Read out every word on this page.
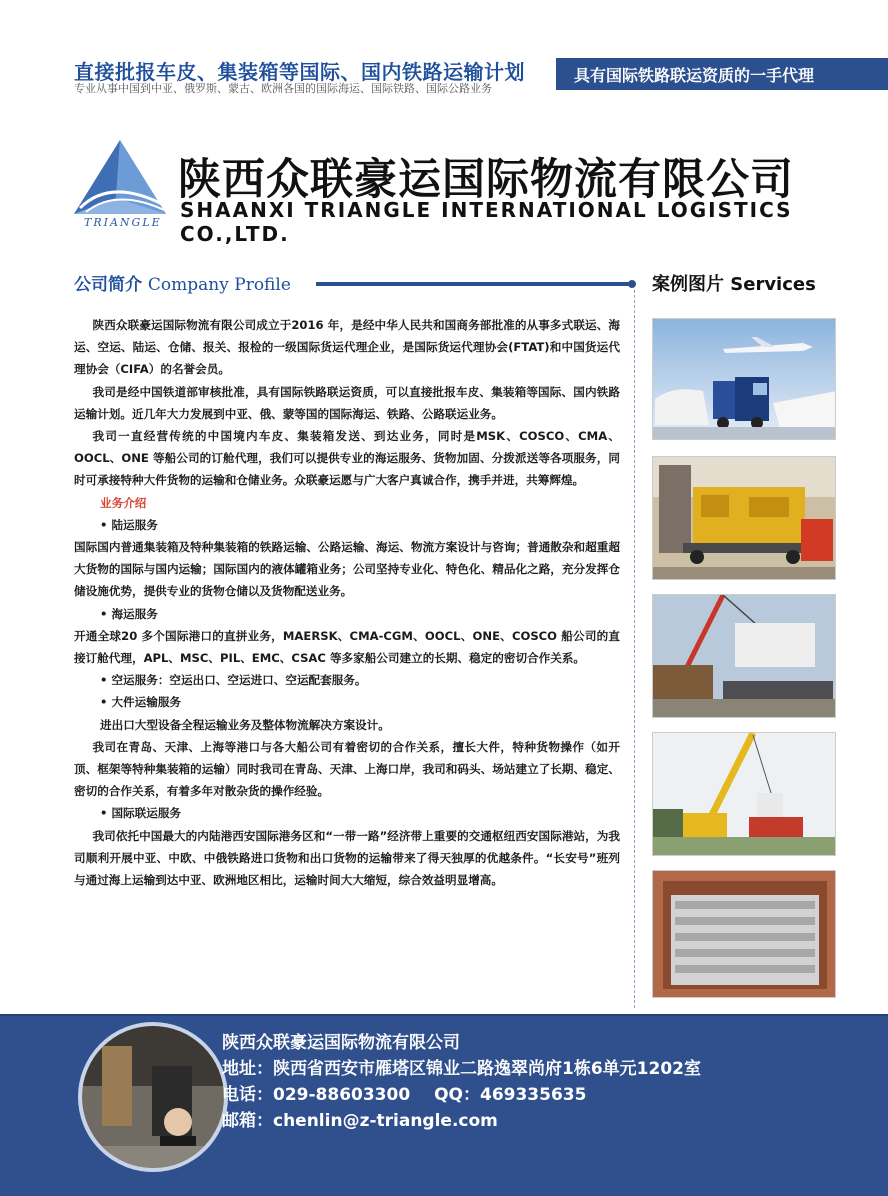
直接批报车皮、集装箱等国际、国内铁路运输计划
专业从事中国到中亚、俄罗斯、蒙古、欧洲各国的国际海运、国际铁路、国际公路业务
具有国际铁路联运资质的一手代理
TRIANGLE
陕西众联豪运国际物流有限公司
SHAANXI TRIANGLE INTERNATIONAL LOGISTICS CO.,LTD.
公司简介 Company Profile	案例图片 Services

陕西众联豪运国际物流有限公司成立于2016 年，是经中华人民共和国商务部批准的从事多式联运、海运、空运、陆运、仓储、报关、报检的一级国际货运代理企业，是国际货运代理协会(FTAT)和中国货运代理协会（CIFA）的名誉会员。

我司是经中国铁道部审核批准，具有国际铁路联运资质，可以直接批报车皮、集装箱等国际、国内铁路运输计划。近几年大力发展到中亚、俄、蒙等国的国际海运、铁路、公路联运业务。

我司一直经营传统的中国境内车皮、集装箱发送、到达业务，同时是MSK、COSCO、CMA、OOCL、ONE 等船公司的订舱代理，我们可以提供专业的海运服务、货物加固、分拨派送等各项服务，同时可承接特种大件货物的运输和仓储业务。众联豪运愿与广大客户真诚合作，携手并进，共筹辉煌。

业务介绍
• 陆运服务

国际国内普通集装箱及特种集装箱的铁路运输、公路运输、海运、物流方案设计与咨询；普通散杂和超重超大货物的国际与国内运输；国际国内的液体罐箱业务；公司坚持专业化、特色化、精品化之路，充分发挥仓储设施优势，提供专业的货物仓储以及货物配送业务。

• 海运服务

开通全球20 多个国际港口的直拼业务，MAERSK、CMA-CGM、OOCL、ONE、COSCO 船公司的直接订舱代理，APL、MSC、PIL、EMC、CSAC 等多家船公司建立的长期、稳定的密切合作关系。

• 空运服务：空运出口、空运进口、空运配套服务。
• 大件运输服务

进出口大型设备全程运输业务及整体物流解决方案设计。

我司在青岛、天津、上海等港口与各大船公司有着密切的合作关系，擅长大件，特种货物操作（如开顶、框架等特种集装箱的运输）同时我司在青岛、天津、上海口岸，我司和码头、场站建立了长期、稳定、密切的合作关系，有着多年对散杂货的操作经验。

• 国际联运服务

我司依托中国最大的内陆港西安国际港务区和“一带一路”经济带上重要的交通枢纽西安国际港站，为我司顺利开展中亚、中欧、中俄铁路进口货物和出口货物的运输带来了得天独厚的优越条件。“长安号”班列与通过海上运输到达中亚、欧洲地区相比，运输时间大大缩短，综合效益明显增高。

陕西众联豪运国际物流有限公司
地址：陕西省西安市雁塔区锦业二路逸翠尚府1栋6单元1202室
电话：029-88603300 QQ：469335635
邮箱：chenlin@z-triangle.com
